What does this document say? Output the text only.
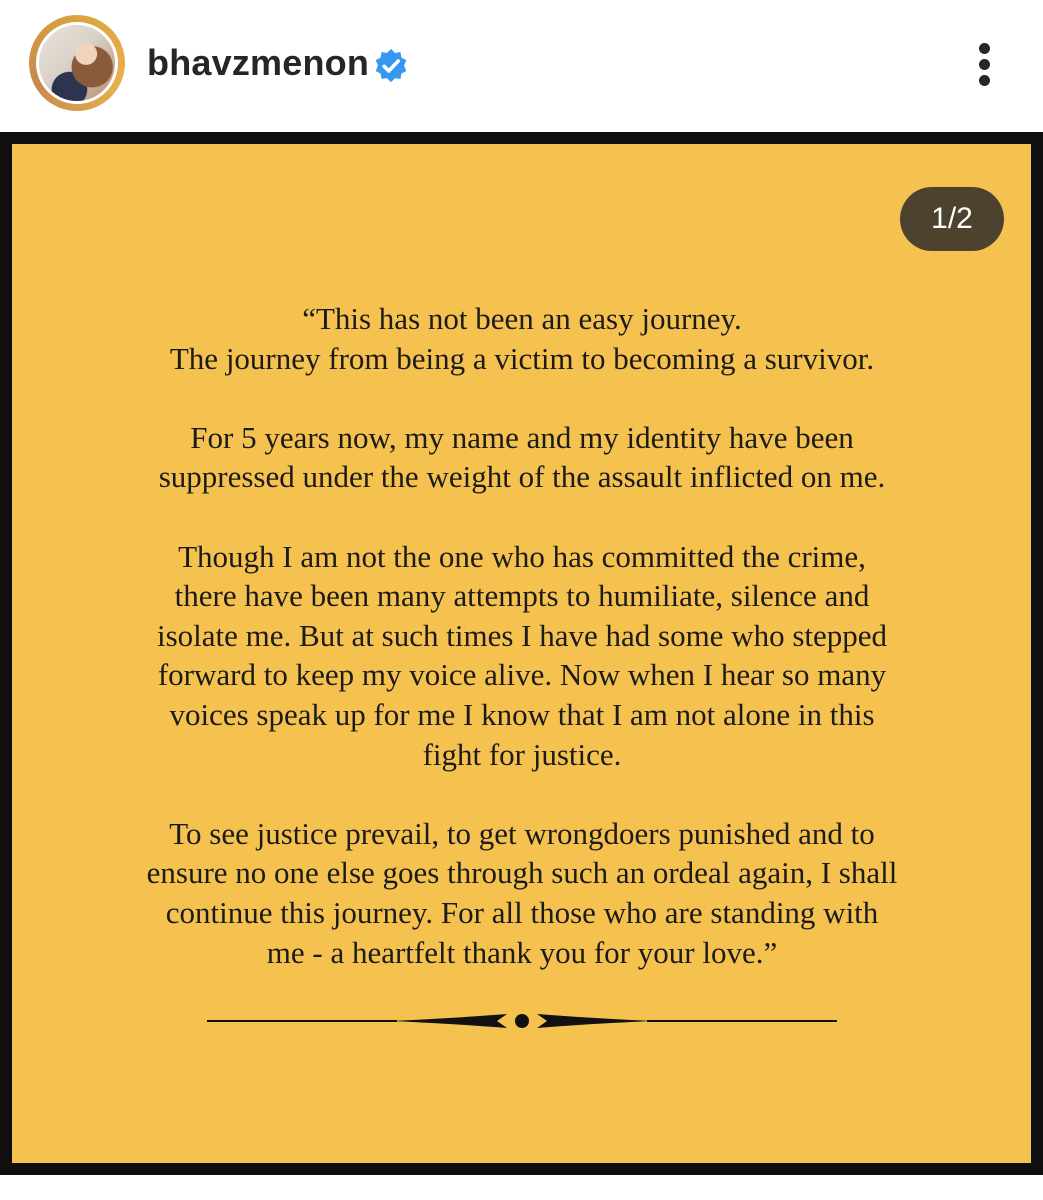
bhavzmenon
1/2

“This has not been an easy journey.
The journey from being a victim to becoming a survivor.

For 5 years now, my name and my identity have been
suppressed under the weight of the assault inflicted on me.

Though I am not the one who has committed the crime,
there have been many attempts to humiliate, silence and
isolate me. But at such times I have had some who stepped
forward to keep my voice alive. Now when I hear so many
voices speak up for me I know that I am not alone in this
fight for justice.

To see justice prevail, to get wrongdoers punished and to
ensure no one else goes through such an ordeal again, I shall
continue this journey. For all those who are standing with
me - a heartfelt thank you for your love.”
